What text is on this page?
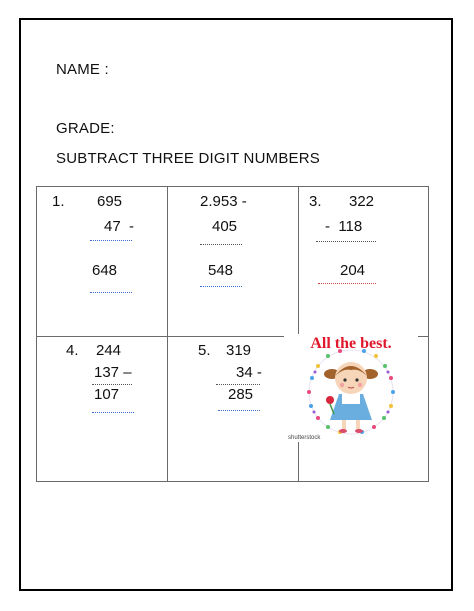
NAME :
GRADE:
SUBTRACT THREE DIGIT NUMBERS
1. 695
47  -
648
2.953 -
405
548
3. 322
-  118
204
4. 244
137 –
107
5. 319
34 -
285
All the best.
shutterstock
